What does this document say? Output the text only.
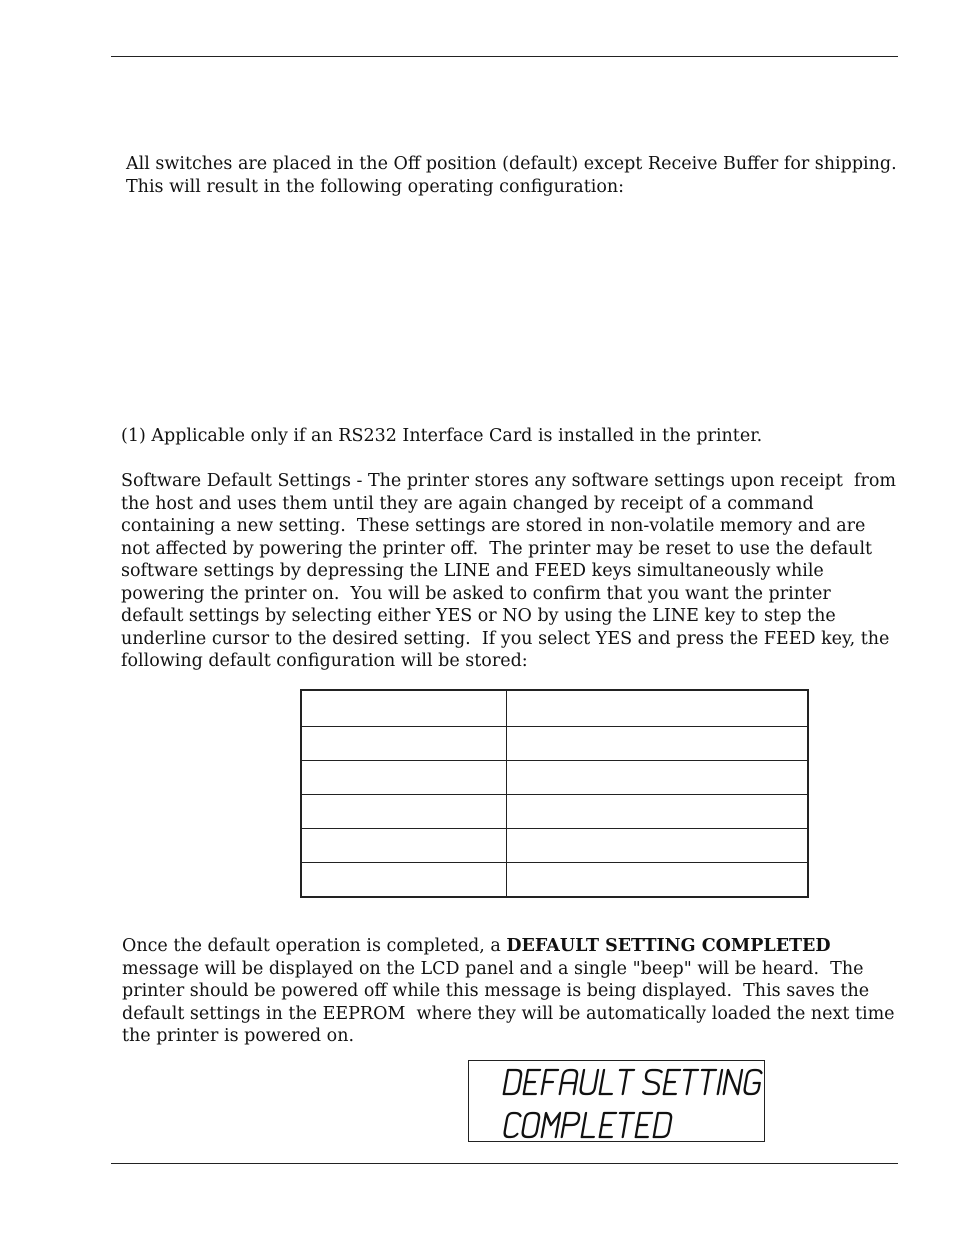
All switches are placed in the Off position (default) except Receive Buffer for shipping.
This will result in the following operating configuration:

(1) Applicable only if an RS232 Interface Card is installed in the printer.

Software Default Settings - The printer stores any software settings upon receipt  from
the host and uses them until they are again changed by receipt of a command
containing a new setting.  These settings are stored in non-volatile memory and are
not affected by powering the printer off.  The printer may be reset to use the default
software settings by depressing the LINE and FEED keys simultaneously while
powering the printer on.  You will be asked to confirm that you want the printer
default settings by selecting either YES or NO by using the LINE key to step the
underline cursor to the desired setting.  If you select YES and press the FEED key, the
following default configuration will be stored:

Once the default operation is completed, a DEFAULT SETTING COMPLETED
message will be displayed on the LCD panel and a single "beep" will be heard.  The
printer should be powered off while this message is being displayed.  This saves the
default settings in the EEPROM  where they will be automatically loaded the next time
the printer is powered on.
